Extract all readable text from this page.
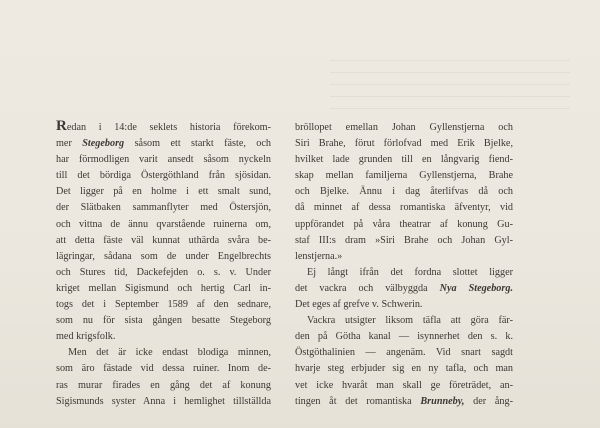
Redan i 14:de seklets historia förekom-
mer Stegeborg såsom ett starkt fäste, och
har förmodligen varit ansedt såsom nyckeln
till det bördiga Östergöthland från sjösidan.
Det ligger på en holme i ett smalt sund,
der Slätbaken sammanflyter med Östersjön,
och vittna de ännu qvarstående ruinerna om,
att detta fäste väl kunnat uthärda svåra be-
lägringar, sådana som de under Engelbrechts
och Stures tid, Dackefejden o. s. v. Under
kriget mellan Sigismund och hertig Carl in-
togs det i September 1589 af den sednare,
som nu för sista gången besatte Stegeborg
med krigsfolk.
Men det är icke endast blodiga minnen,
som äro fästade vid dessa ruiner. Inom de-
ras murar firades en gång det af konung
Sigismunds syster Anna i hemlighet tillställda
bröllopet emellan Johan Gyllenstjerna och
Siri Brahe, förut förlofvad med Erik Bjelke,
hvilket lade grunden till en långvarig fiend-
skap mellan familjerna Gyllenstjerna, Brahe
och Bjelke. Ännu i dag återlifvas då och
då minnet af dessa romantiska äfventyr, vid
uppförandet på våra theatrar af konung Gu-
staf III:s dram »Siri Brahe och Johan Gyl-
lenstjerna.»
Ej långt ifrån det fordna slottet ligger
det vackra och välbyggda Nya Stegeborg.
Det eges af grefve v. Schwerin.
Vackra utsigter liksom täfla att göra fär-
den på Götha kanal — isynnerhet den s. k.
Östgöthalinien — angenäm. Vid snart sagdt
hvarje steg erbjuder sig en ny tafla, och man
vet icke hvaråt man skall ge företrädet, an-
tingen åt det romantiska Brunneby, der ång-
